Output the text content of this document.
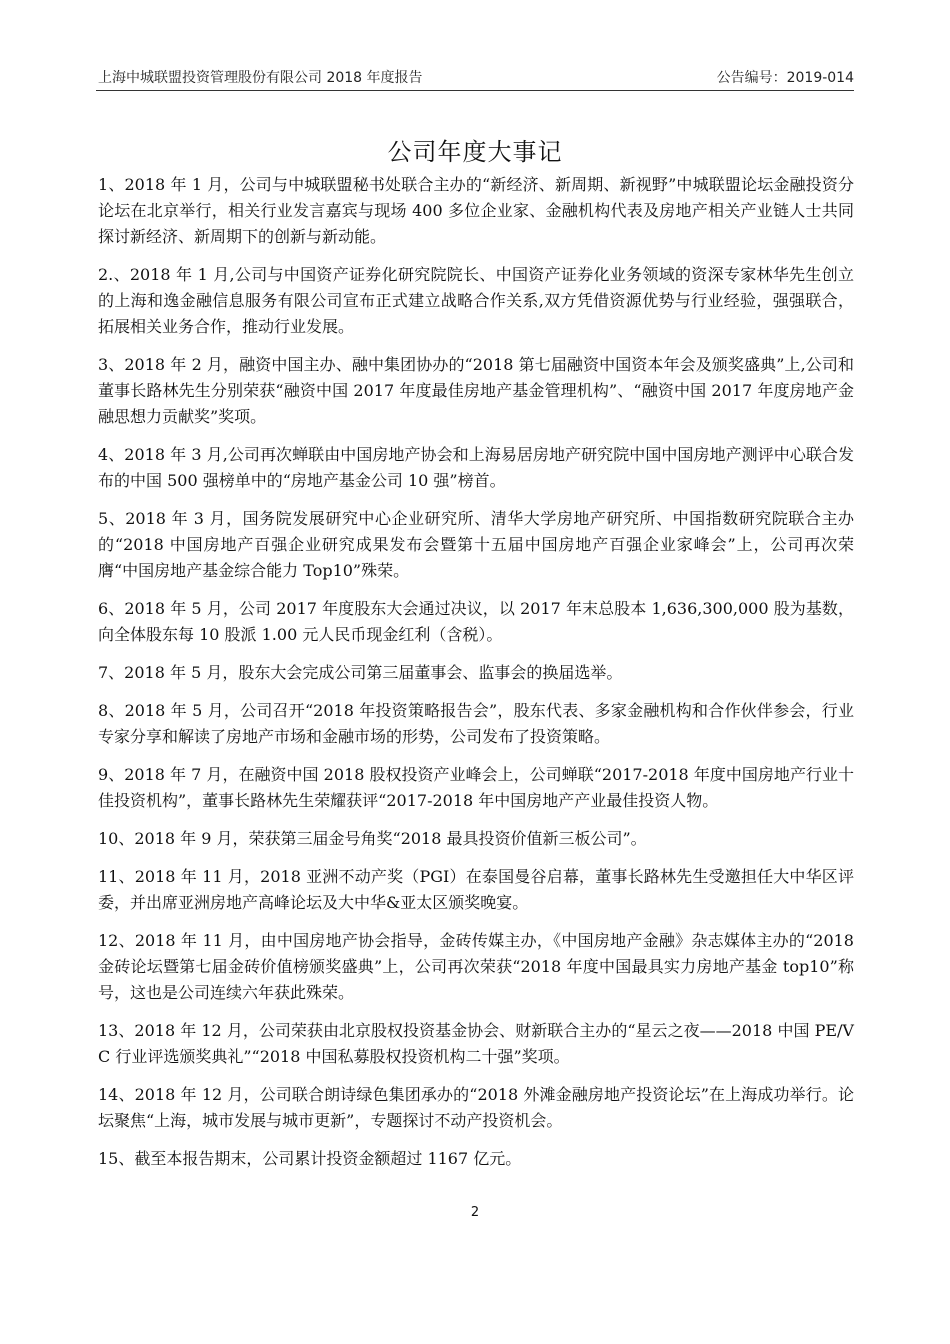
上海中城联盟投资管理股份有限公司 2018 年度报告	公告编号：2019-014
公司年度大事记

1、2018 年 1 月，公司与中城联盟秘书处联合主办的“新经济、新周期、新视野”中城联盟论坛金融投资分论坛在北京举行，相关行业发言嘉宾与现场 400 多位企业家、金融机构代表及房地产相关产业链人士共同探讨新经济、新周期下的创新与新动能。

2.、2018 年 1 月,公司与中国资产证券化研究院院长、中国资产证券化业务领域的资深专家林华先生创立的上海和逸金融信息服务有限公司宣布正式建立战略合作关系,双方凭借资源优势与行业经验，强强联合，拓展相关业务合作，推动行业发展。

3、2018 年 2 月，融资中国主办、融中集团协办的“2018 第七届融资中国资本年会及颁奖盛典”上,公司和董事长路林先生分别荣获“融资中国 2017 年度最佳房地产基金管理机构”、“融资中国 2017 年度房地产金融思想力贡献奖”奖项。

4、2018 年 3 月,公司再次蝉联由中国房地产协会和上海易居房地产研究院中国中国房地产测评中心联合发布的中国 500 强榜单中的“房地产基金公司 10 强”榜首。

5、2018 年 3 月，国务院发展研究中心企业研究所、清华大学房地产研究所、中国指数研究院联合主办的“2018 中国房地产百强企业研究成果发布会暨第十五届中国房地产百强企业家峰会”上，公司再次荣膺“中国房地产基金综合能力 Top10”殊荣。

6、2018 年 5 月，公司 2017 年度股东大会通过决议，以 2017 年末总股本 1,636,300,000 股为基数，向全体股东每 10 股派 1.00 元人民币现金红利（含税）。

7、2018 年 5 月，股东大会完成公司第三届董事会、监事会的换届选举。

8、2018 年 5 月，公司召开“2018 年投资策略报告会”，股东代表、多家金融机构和合作伙伴参会，行业专家分享和解读了房地产市场和金融市场的形势，公司发布了投资策略。

9、2018 年 7 月，在融资中国 2018 股权投资产业峰会上，公司蝉联“2017-2018 年度中国房地产行业十佳投资机构”，董事长路林先生荣耀获评“2017-2018 年中国房地产产业最佳投资人物。

10、2018 年 9 月，荣获第三届金号角奖“2018 最具投资价值新三板公司”。

11、2018 年 11 月，2018 亚洲不动产奖（PGI）在泰国曼谷启幕，董事长路林先生受邀担任大中华区评委，并出席亚洲房地产高峰论坛及大中华&亚太区颁奖晚宴。

12、2018 年 11 月，由中国房地产协会指导，金砖传媒主办，《中国房地产金融》杂志媒体主办的“2018 金砖论坛暨第七届金砖价值榜颁奖盛典”上，公司再次荣获“2018 年度中国最具实力房地产基金 top10”称号，这也是公司连续六年获此殊荣。

13、2018 年 12 月，公司荣获由北京股权投资基金协会、财新联合主办的“星云之夜——2018 中国 PE/VC 行业评选颁奖典礼”“2018 中国私募股权投资机构二十强”奖项。

14、2018 年 12 月，公司联合朗诗绿色集团承办的“2018 外滩金融房地产投资论坛”在上海成功举行。论坛聚焦“上海，城市发展与城市更新”，专题探讨不动产投资机会。

15、截至本报告期末，公司累计投资金额超过 1167 亿元。

2
